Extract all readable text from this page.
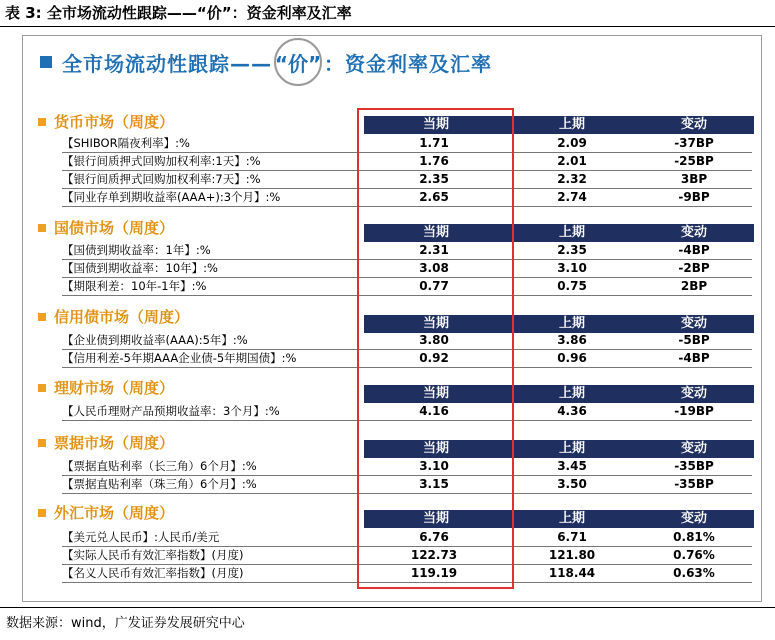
表 3: 全市场流动性跟踪——“价”：资金利率及汇率
全市场流动性跟踪—— “价” ：资金利率及汇率
货币市场（周度）	当期	上期	变动
【SHIBOR隔夜利率】:%	1.71	2.09	-37BP
【银行间质押式回购加权利率:1天】:%	1.76	2.01	-25BP
【银行间质押式回购加权利率:7天】:%	2.35	2.32	3BP
【同业存单到期收益率(AAA+):3个月】:%	2.65	2.74	-9BP
国债市场（周度）	当期	上期	变动
【国债到期收益率：1年】:%	2.31	2.35	-4BP
【国债到期收益率：10年】:%	3.08	3.10	-2BP
【期限利差：10年-1年】:%	0.77	0.75	2BP
信用债市场（周度）	当期	上期	变动
【企业债到期收益率(AAA):5年】:%	3.80	3.86	-5BP
【信用利差-5年期AAA企业债-5年期国债】:%	0.92	0.96	-4BP
理财市场（周度）	当期	上期	变动
【人民币理财产品预期收益率：3个月】:%	4.16	4.36	-19BP
票据市场（周度）	当期	上期	变动
【票据直贴利率（长三角）6个月】:%	3.10	3.45	-35BP
【票据直贴利率（珠三角）6个月】:%	3.15	3.50	-35BP
外汇市场（周度）	当期	上期	变动
【美元兑人民币】:人民币/美元	6.76	6.71	0.81%
【实际人民币有效汇率指数】(月度)	122.73	121.80	0.76%
【名义人民币有效汇率指数】(月度)	119.19	118.44	0.63%
数据来源：wind，广发证券发展研究中心
